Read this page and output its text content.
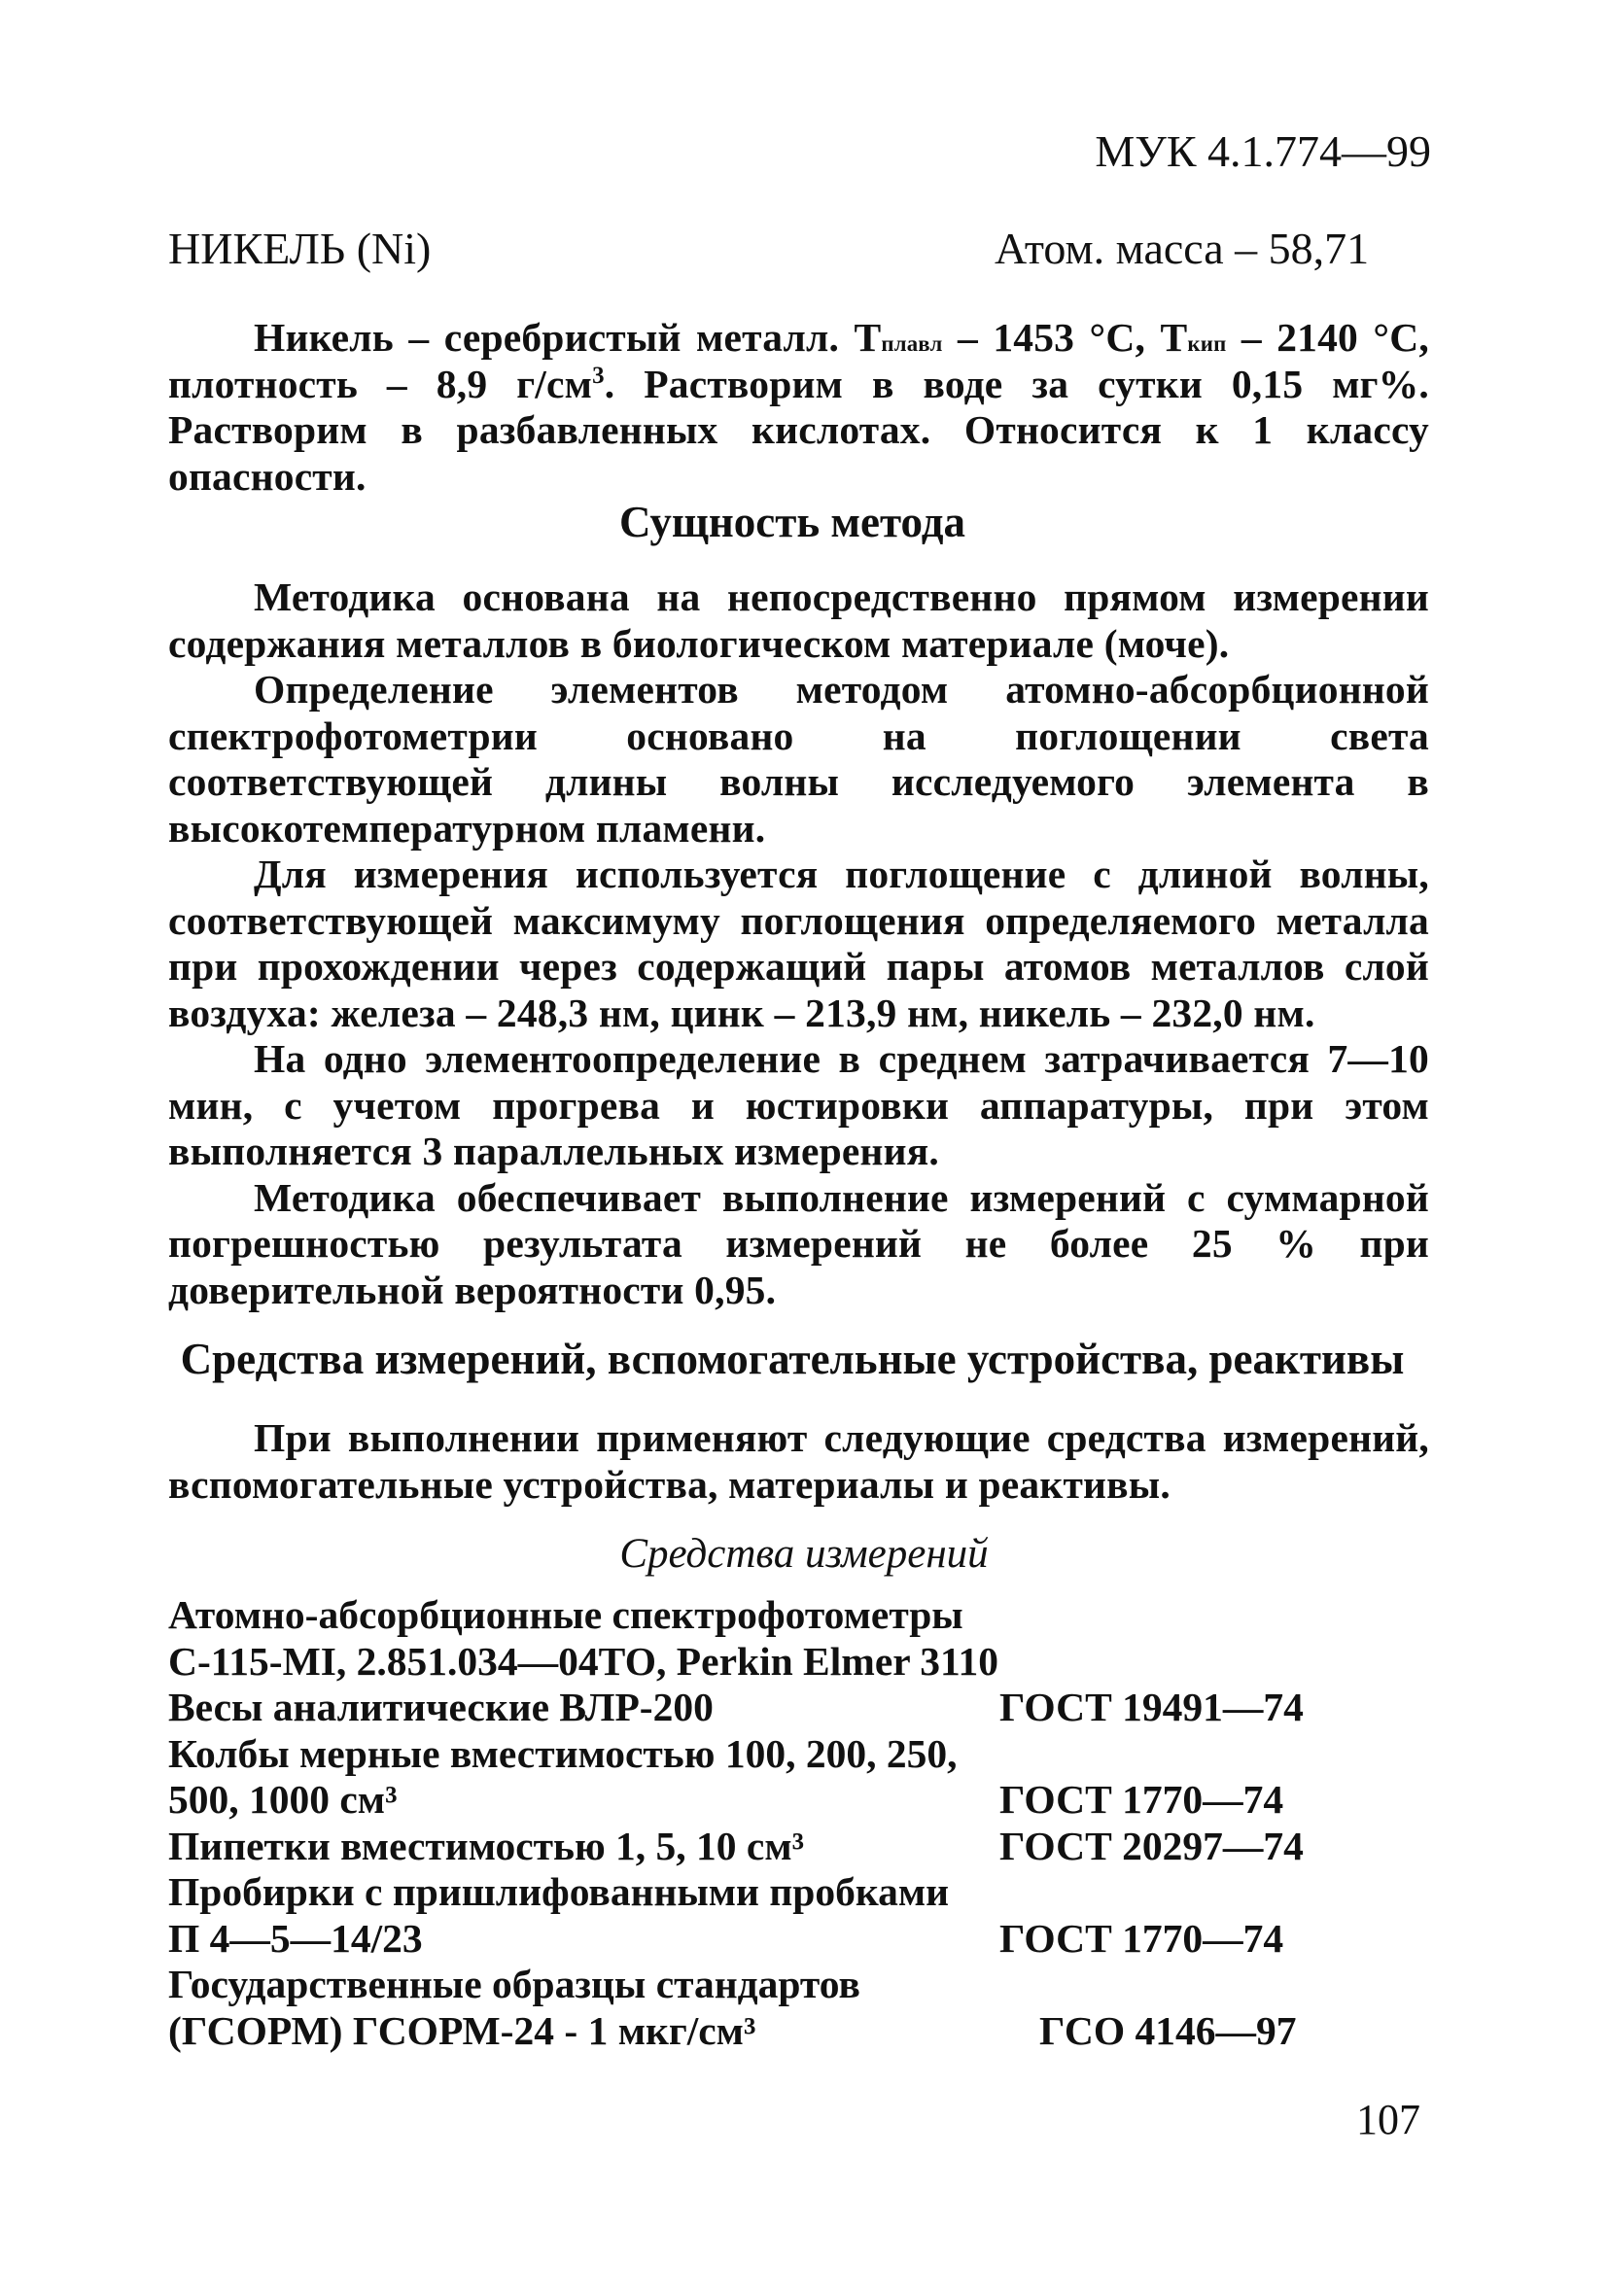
МУК 4.1.774—99
НИКЕЛЬ (Ni)	Атом. масса – 58,71

Никель – серебристый металл. Tплавл – 1453 °С, Tкип – 2140 °С, плотность – 8,9 $г/см^3$. Растворим в воде за сутки 0,15 мг%. Растворим в разбавленных кислотах. Относится к 1 классу опасности.

Сущность метода

Методика основана на непосредственно прямом измерении содержания металлов в биологическом материале (моче).

Определение элементов методом атомно-абсорбционной спектрофотометрии основано на поглощении света соответствующей длины волны исследуемого элемента в высокотемпературном пламени.

Для измерения используется поглощение с длиной волны, соответствующей максимуму поглощения определяемого металла при прохождении через содержащий пары атомов металлов слой воздуха: железа – 248,3 нм, цинк – 213,9 нм, никель – 232,0 нм.

На одно элементоопределение в среднем затрачивается 7—10 мин, с учетом прогрева и юстировки аппаратуры, при этом выполняется 3 параллельных измерения.

Методика обеспечивает выполнение измерений с суммарной погрешностью результата измерений не более 25 % при доверительной вероятности 0,95.

Средства измерений, вспомогательные устройства, реактивы

При выполнении применяют следующие средства измерений, вспомогательные устройства, материалы и реактивы.

Средства измерений
Атомно-абсорбционные спектрофотометры
С-115-МI, 2.851.034—04ТО, Perkin Elmer 3110
Весы аналитические ВЛР-200	ГОСТ 19491—74
Колбы мерные вместимостью 100, 200, 250,
500, 1000 см³	ГОСТ 1770—74
Пипетки вместимостью 1, 5, 10 см³	ГОСТ 20297—74
Пробирки с пришлифованными пробками
П 4—5—14/23	ГОСТ 1770—74
Государственные образцы стандартов
(ГСОРМ) ГСОРМ-24 - 1 мкг/см³	ГСО 4146—97
107
